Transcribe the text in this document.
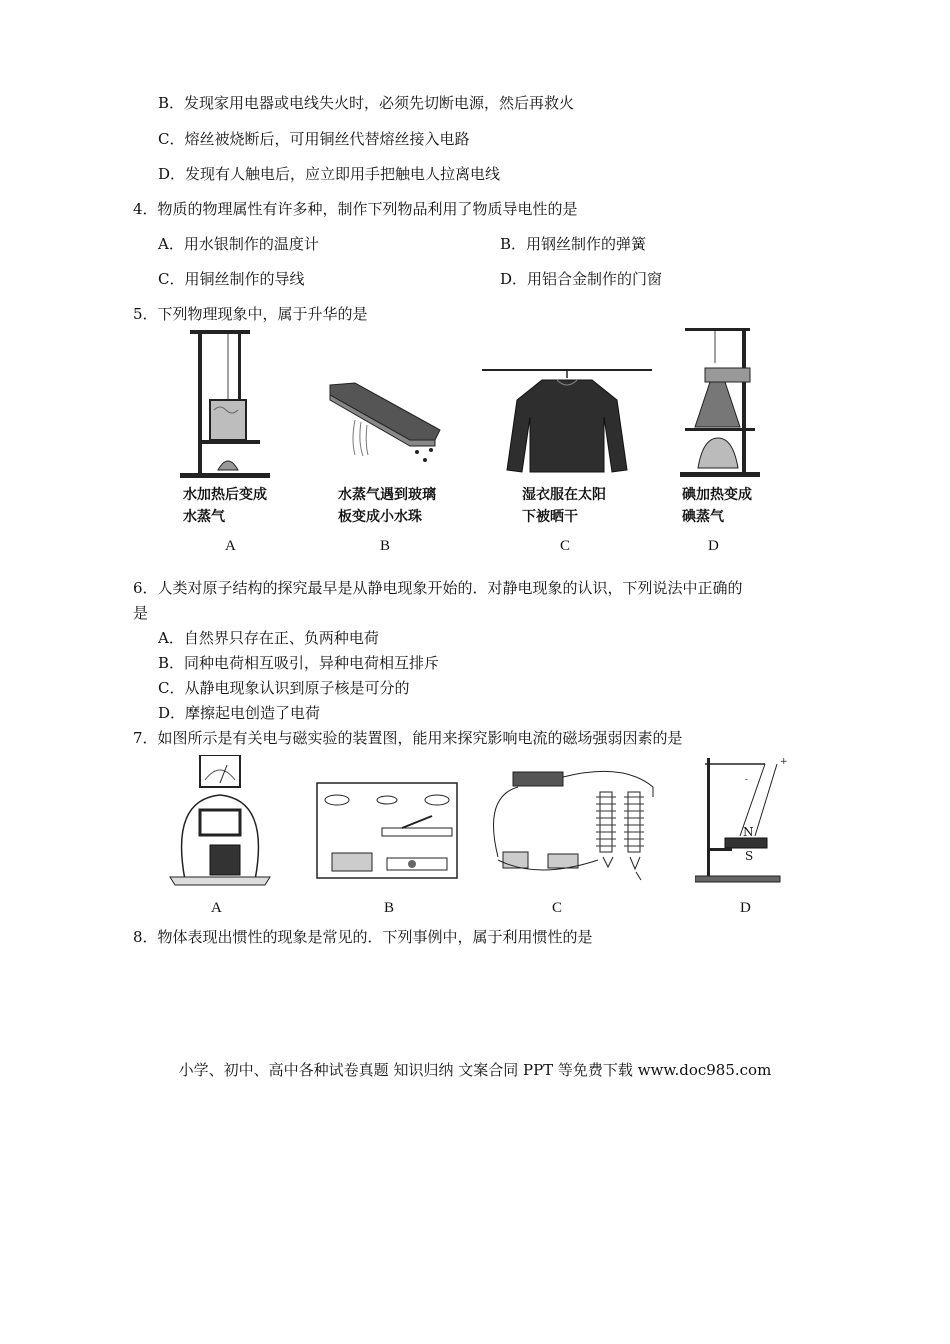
B．发现家用电器或电线失火时，必须先切断电源，然后再救火
C．熔丝被烧断后，可用铜丝代替熔丝接入电路
D．发现有人触电后，应立即用手把触电人拉离电线
4．物质的物理属性有许多种，制作下列物品利用了物质导电性的是
A．用水银制作的温度计	B．用钢丝制作的弹簧
C．用铜丝制作的导线	D．用铝合金制作的门窗
5．下列物理现象中，属于升华的是
水加热后变成
水蒸气
A
水蒸气遇到玻璃
板变成小水珠
B
湿衣服在太阳
下被晒干
C
碘加热变成
碘蒸气
D
6．人类对原子结构的探究最早是从静电现象开始的．对静电现象的认识，下列说法中正确的
是
A．自然界只存在正、负两种电荷
B．同种电荷相互吸引，异种电荷相互排斥
C．从静电现象认识到原子核是可分的
D．摩擦起电创造了电荷
7．如图所示是有关电与磁实验的装置图，能用来探究影响电流的磁场强弱因素的是
A	B	C
-
+
N
S
D
8．物体表现出惯性的现象是常见的．下列事例中，属于利用惯性的是
小学、初中、高中各种试卷真题 知识归纳 文案合同 PPT 等免费下载 www.doc985.com
